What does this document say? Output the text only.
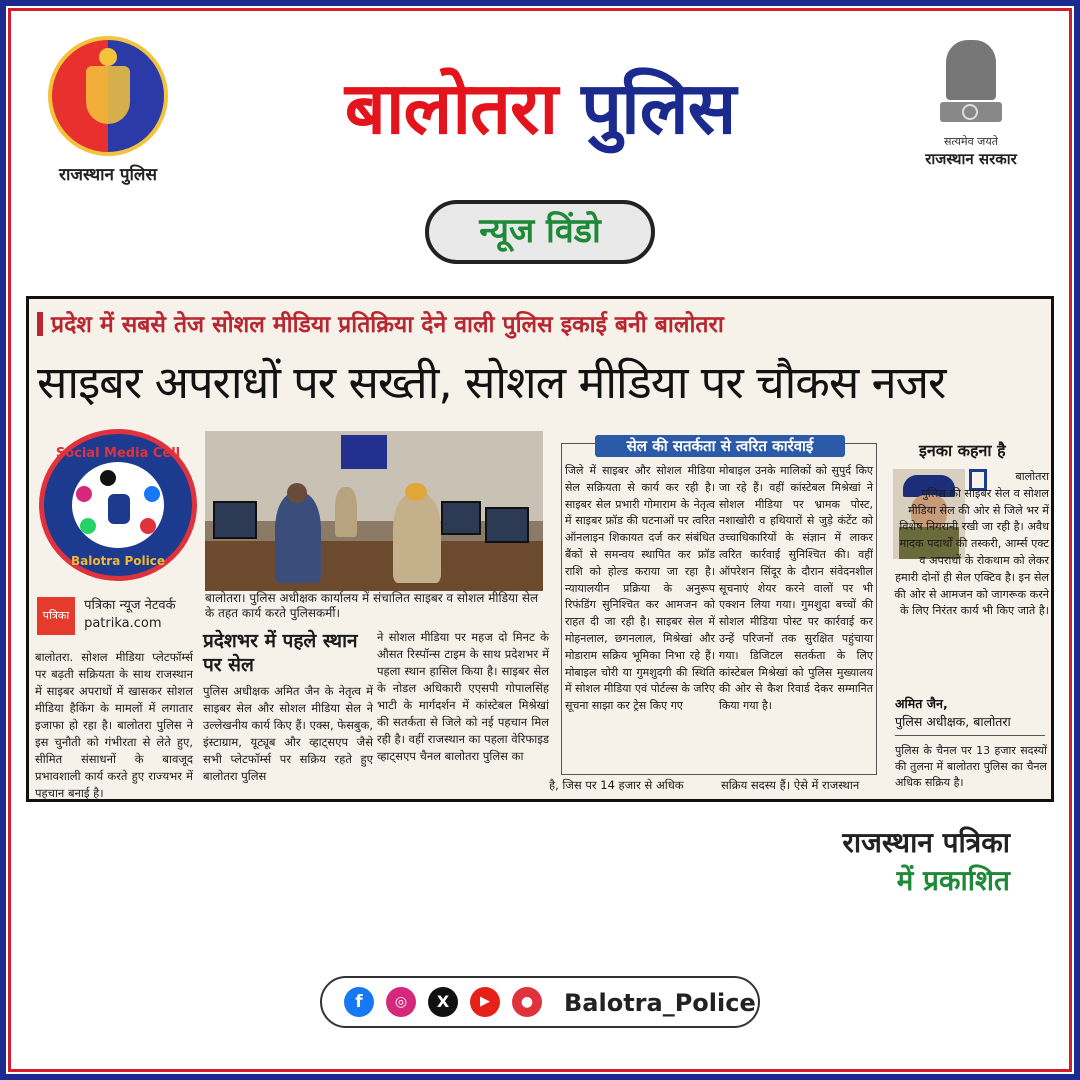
राजस्थान पुलिस
बालोतरा पुलिस	सत्यमेव जयते
राजस्थान सरकार
न्यूज विंडो
प्रदेश में सबसे तेज सोशल मीडिया प्रतिक्रिया देने वाली पुलिस इकाई बनी बालोतरा
साइबर अपराधों पर सख्ती, सोशल मीडिया पर चौकस नजर
Social Media Cell
Balotra Police
बालोतरा। पुलिस अधीक्षक कार्यालय में संचालित साइबर व सोशल मीडिया सेल के तहत कार्य करते पुलिसकर्मी।
पत्रिका पत्रिका न्यूज नेटवर्क
patrika.com
बालोतरा. सोशल मीडिया प्लेटफॉर्म्स पर बढ़ती सक्रियता के साथ राजस्थान में साइबर अपराधों में खासकर सोशल मीडिया हैकिंग के मामलों में लगातार इजाफा हो रहा है। बालोतरा पुलिस ने इस चुनौती को गंभीरता से लेते हुए, सीमित संसाधनों के बावजूद प्रभावशाली कार्य करते हुए राज्यभर में पहचान बनाई है।
प्रदेशभर में पहले स्थान पर सेल
पुलिस अधीक्षक अमित जैन के नेतृत्व में साइबर सेल और सोशल मीडिया सेल ने उल्लेखनीय कार्य किए हैं। एक्स, फेसबुक, इंस्टाग्राम, यूट्यूब और व्हाट्सएप जैसे सभी प्लेटफॉर्म्स पर सक्रिय रहते हुए बालोतरा पुलिस
ने सोशल मीडिया पर महज दो मिनट के औसत रिस्पॉन्स टाइम के साथ प्रदेशभर में पहला स्थान हासिल किया है। साइबर सेल के नोडल अधिकारी एएसपी गोपालसिंह भाटी के मार्गदर्शन में कांस्टेबल मिश्रेखां की सतर्कता से जिले को नई पहचान मिल रही है। वहीं राजस्थान का पहला वेरिफाइड व्हाट्सएप चैनल बालोतरा पुलिस का
सेल की सतर्कता से त्वरित कार्रवाई
जिले में साइबर और सोशल मीडिया सेल सक्रियता से कार्य कर रही है। साइबर सेल प्रभारी गोमाराम के नेतृत्व में साइबर फ्रॉड की घटनाओं पर त्वरित ऑनलाइन शिकायत दर्ज कर संबंधित बैंकों से समन्वय स्थापित कर फ्रॉड राशि को होल्ड कराया जा रहा है। न्यायालयीन प्रक्रिया के अनुरूप रिफंडिंग सुनिश्चित कर आमजन को राहत दी जा रही है। साइबर सेल में मोहनलाल, छगनलाल, मिश्रेखां और मोडाराम सक्रिय भूमिका निभा रहे हैं। मोबाइल चोरी या गुमशुदगी की स्थिति में सोशल मीडिया एवं पोर्टल्स के जरिए सूचना साझा कर ट्रेस किए गए
मोबाइल उनके मालिकों को सुपुर्द किए जा रहे हैं। वहीं कांस्टेबल मिश्रेखां ने सोशल मीडिया पर भ्रामक पोस्ट, नशाखोरी व हथियारों से जुड़े कंटेंट को उच्चाधिकारियों के संज्ञान में लाकर त्वरित कार्रवाई सुनिश्चित की। वहीं ऑपरेशन सिंदूर के दौरान संवेदनशील सूचनाएं शेयर करने वालों पर भी एक्शन लिया गया। गुमशुदा बच्चों की सोशल मीडिया पोस्ट पर कार्रवाई कर उन्हें परिजनों तक सुरक्षित पहुंचाया गया। डिजिटल सतर्कता के लिए कांस्टेबल मिश्रेखां को पुलिस मुख्यालय की ओर से कैश रिवार्ड देकर सम्मानित किया गया है।
है, जिस पर 14 हजार से अधिक	सक्रिय सदस्य हैं। ऐसे में राजस्थान
इनका कहना है
बालोतरा पुलिस की साइबर सेल व सोशल मीडिया सेल की ओर से जिले भर में विशेष निगरानी रखी जा रही है। अवैध मादक पदार्थों की तस्करी, आर्म्स एक्ट व अपराधों के रोकथाम को लेकर हमारी दोनों ही सेल एक्टिव है। इन सेल की ओर से आमजन को जागरूक करने के लिए निरंतर कार्य भी किए जाते है।
अमित जैन,
पुलिस अधीक्षक, बालोतरा
पुलिस के चैनल पर 13 हजार सदस्यों की तुलना में बालोतरा पुलिस का चैनल अधिक सक्रिय है।
राजस्थान पत्रिका
में प्रकाशित
f	◎	X	▶	●	Balotra_Police
